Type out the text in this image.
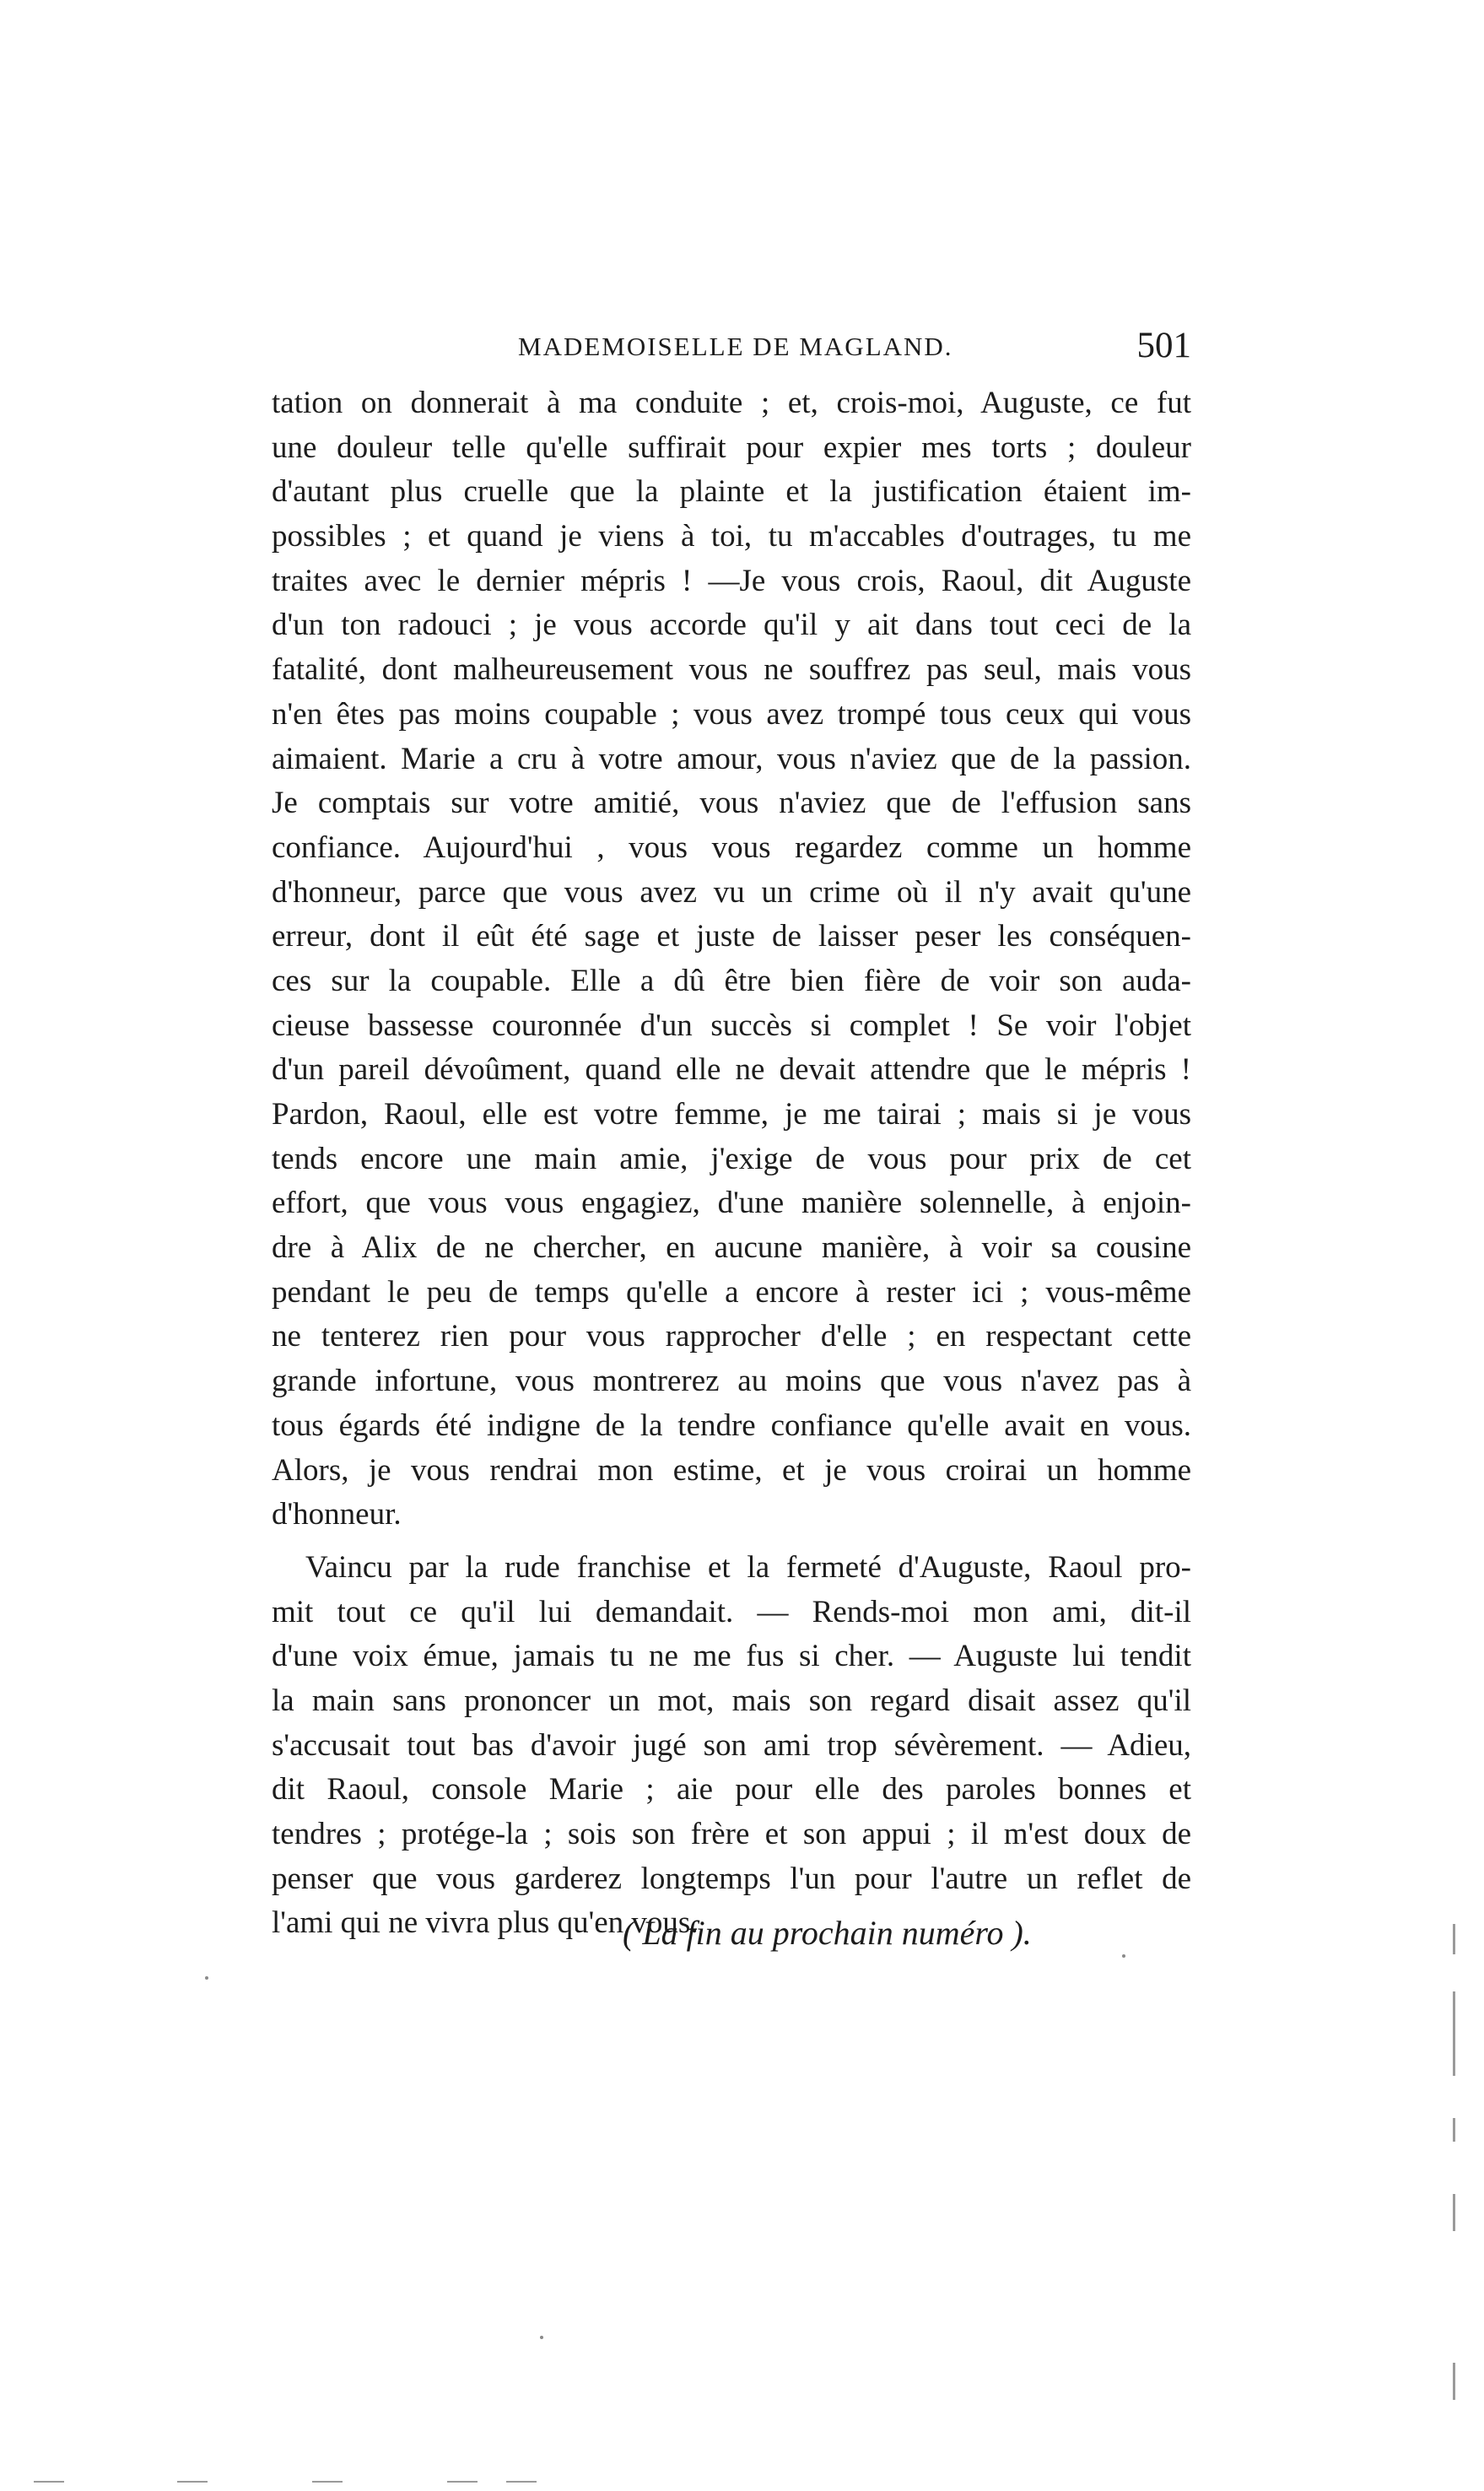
MADEMOISELLE DE MAGLAND.	501
tation on donnerait à ma conduite ; et, crois-moi, Auguste, ce fut
une douleur telle qu'elle suffirait pour expier mes torts ; douleur
d'autant plus cruelle que la plainte et la justification étaient im-
possibles ; et quand je viens à toi, tu m'accables d'outrages, tu me
traites avec le dernier mépris ! —Je vous crois, Raoul, dit Auguste
d'un ton radouci ; je vous accorde qu'il y ait dans tout ceci de la
fatalité, dont malheureusement vous ne souffrez pas seul, mais vous
n'en êtes pas moins coupable ; vous avez trompé tous ceux qui vous
aimaient. Marie a cru à votre amour, vous n'aviez que de la passion.
Je comptais sur votre amitié, vous n'aviez que de l'effusion sans
confiance. Aujourd'hui , vous vous regardez comme un homme
d'honneur, parce que vous avez vu un crime où il n'y avait qu'une
erreur, dont il eût été sage et juste de laisser peser les conséquen-
ces sur la coupable. Elle a dû être bien fière de voir son auda-
cieuse bassesse couronnée d'un succès si complet ! Se voir l'objet
d'un pareil dévoûment, quand elle ne devait attendre que le mépris !
Pardon, Raoul, elle est votre femme, je me tairai ; mais si je vous
tends encore une main amie, j'exige de vous pour prix de cet
effort, que vous vous engagiez, d'une manière solennelle, à enjoin-
dre à Alix de ne chercher, en aucune manière, à voir sa cousine
pendant le peu de temps qu'elle a encore à rester ici ; vous-même
ne tenterez rien pour vous rapprocher d'elle ; en respectant cette
grande infortune, vous montrerez au moins que vous n'avez pas à
tous égards été indigne de la tendre confiance qu'elle avait en vous.
Alors, je vous rendrai mon estime, et je vous croirai un homme
d'honneur.
Vaincu par la rude franchise et la fermeté d'Auguste, Raoul pro-
mit tout ce qu'il lui demandait. — Rends-moi mon ami, dit-il
d'une voix émue, jamais tu ne me fus si cher. — Auguste lui tendit
la main sans prononcer un mot, mais son regard disait assez qu'il
s'accusait tout bas d'avoir jugé son ami trop sévèrement. — Adieu,
dit Raoul, console Marie ; aie pour elle des paroles bonnes et
tendres ; protége-la ; sois son frère et son appui ; il m'est doux de
penser que vous garderez longtemps l'un pour l'autre un reflet de
l'ami qui ne vivra plus qu'en vous.
( La fin au prochain numéro ).
